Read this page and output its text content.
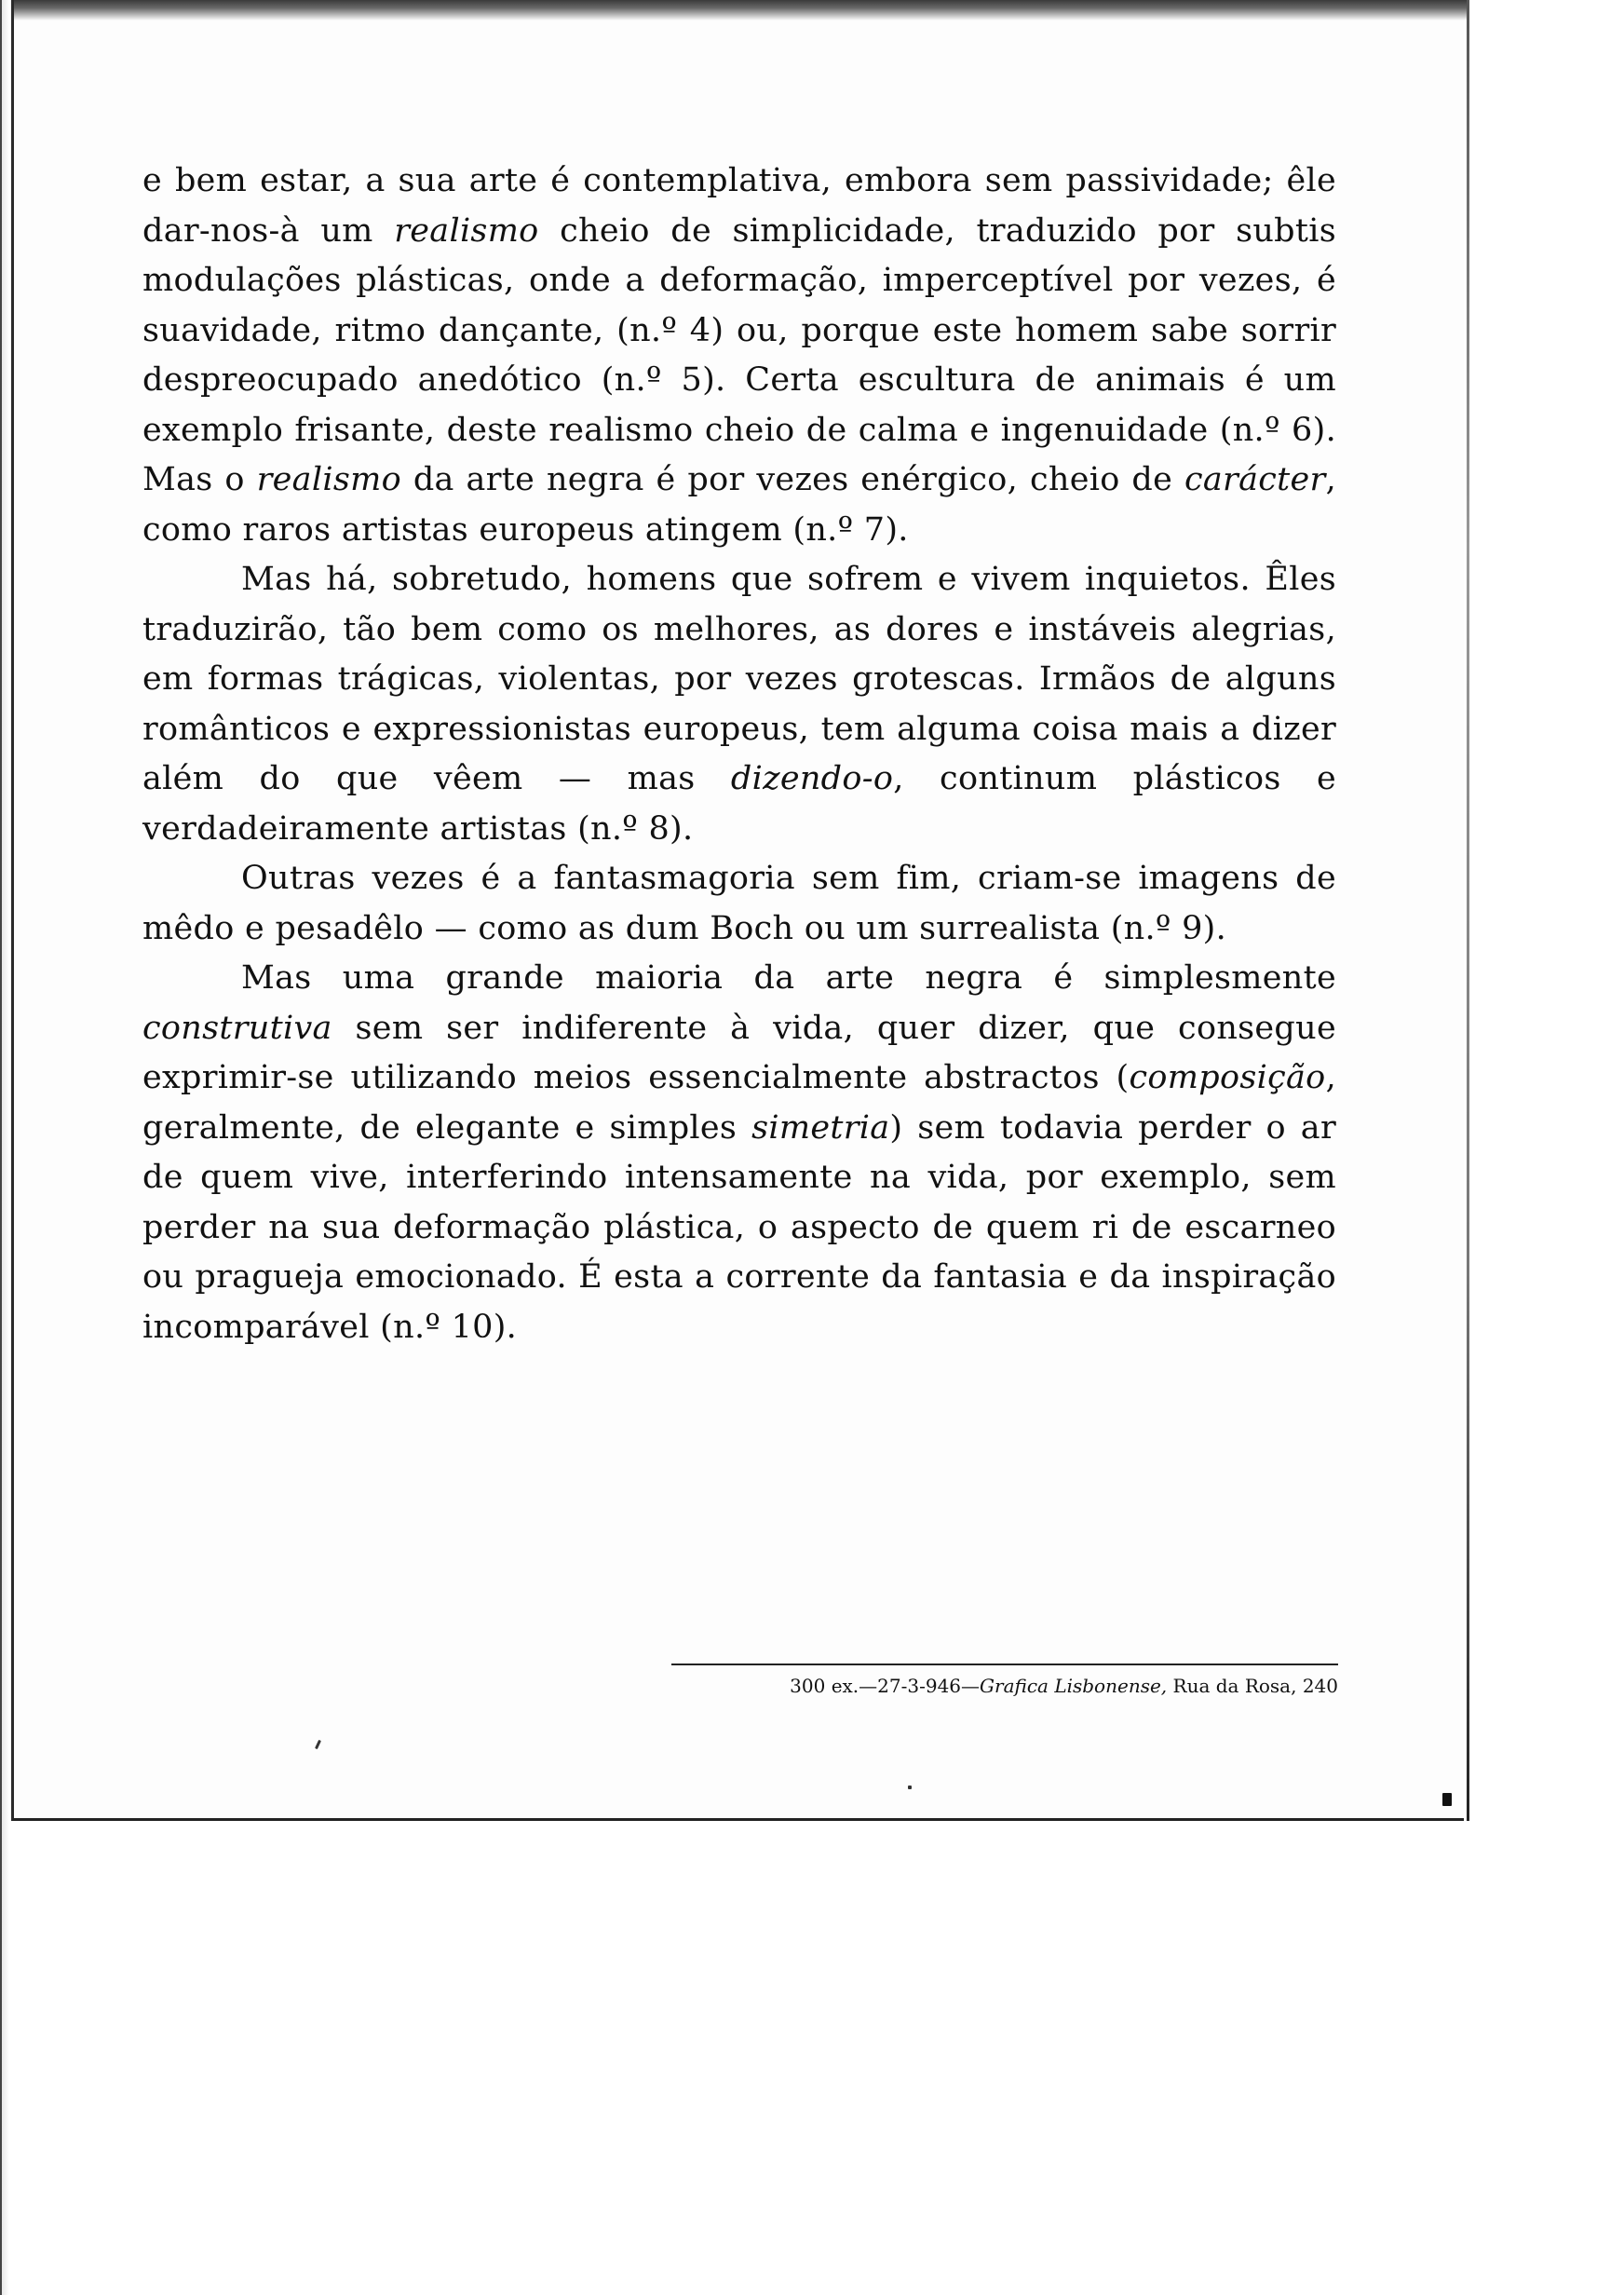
e bem estar, a sua arte é contemplativa, embora sem passividade; êle dar-nos-à um realismo cheio de simplicidade, traduzido por subtis modulações plásticas, onde a deformação, imperceptível por vezes, é suavidade, ritmo dançante, (n.º 4) ou, porque este homem sabe sorrir despreocupado anedótico (n.º 5). Certa escultura de animais é um exemplo frisante, deste realismo cheio de calma e ingenuidade (n.º 6). Mas o realismo da arte negra é por vezes enérgico, cheio de carácter, como raros artistas europeus atingem (n.º 7).

Mas há, sobretudo, homens que sofrem e vivem inquietos. Êles traduzirão, tão bem como os melhores, as dores e instáveis alegrias, em formas trágicas, violentas, por vezes grotescas. Irmãos de alguns românticos e expressionistas europeus, tem alguma coisa mais a dizer além do que vêem — mas dizendo-o, continum plásticos e verdadeiramente artistas (n.º 8).

Outras vezes é a fantasmagoria sem fim, criam-se imagens de mêdo e pesadêlo — como as dum Boch ou um surrealista (n.º 9).

Mas uma grande maioria da arte negra é simplesmente construtiva sem ser indiferente à vida, quer dizer, que consegue exprimir-se utilizando meios essencialmente abstractos (composição, geralmente, de elegante e simples simetria) sem todavia perder o ar de quem vive, interferindo intensamente na vida, por exemplo, sem perder na sua deformação plástica, o aspecto de quem ri de escarneo ou pragueja emocionado. É esta a corrente da fantasia e da inspiração incomparável (n.º 10).

300 ex.—27-3-946—Grafica Lisbonense, Rua da Rosa, 240
